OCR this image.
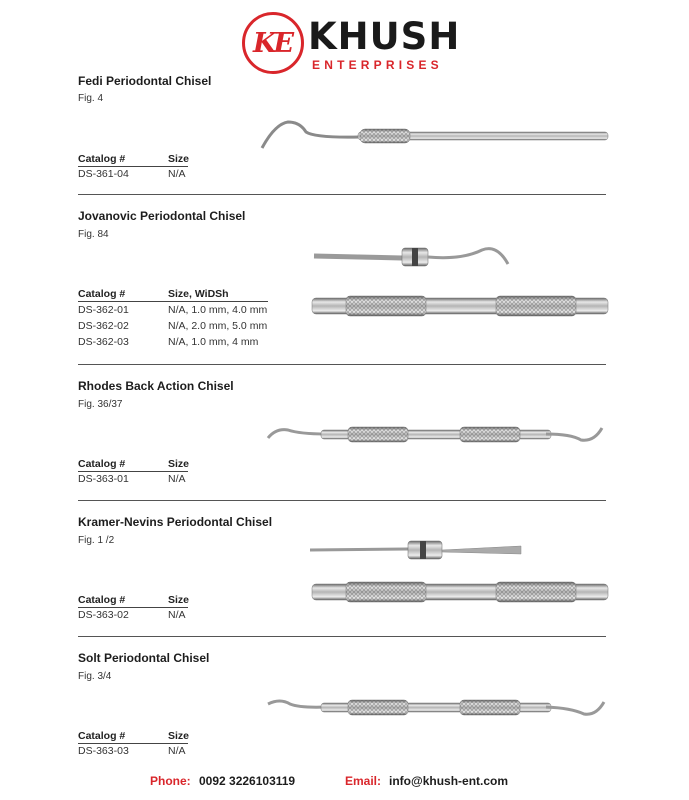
KE KHUSH
ENTERPRISES
Fedi Periodontal Chisel
Fig. 4
Catalog #	Size
DS-361-04	N/A
Jovanovic Periodontal Chisel
Fig. 84
Catalog #	Size, WiDSh
DS-362-01	N/A, 1.0 mm, 4.0 mm
DS-362-02	N/A, 2.0 mm, 5.0 mm
DS-362-03	N/A, 1.0 mm, 4 mm
Rhodes Back Action Chisel
Fig. 36/37
Catalog #	Size
DS-363-01	N/A
Kramer-Nevins Periodontal Chisel
Fig. 1 /2
Catalog #	Size
DS-363-02	N/A
Solt Periodontal Chisel
Fig. 3/4
Catalog #	Size
DS-363-03	N/A
Phone: 0092 3226103119	Email: info@khush-ent.com
